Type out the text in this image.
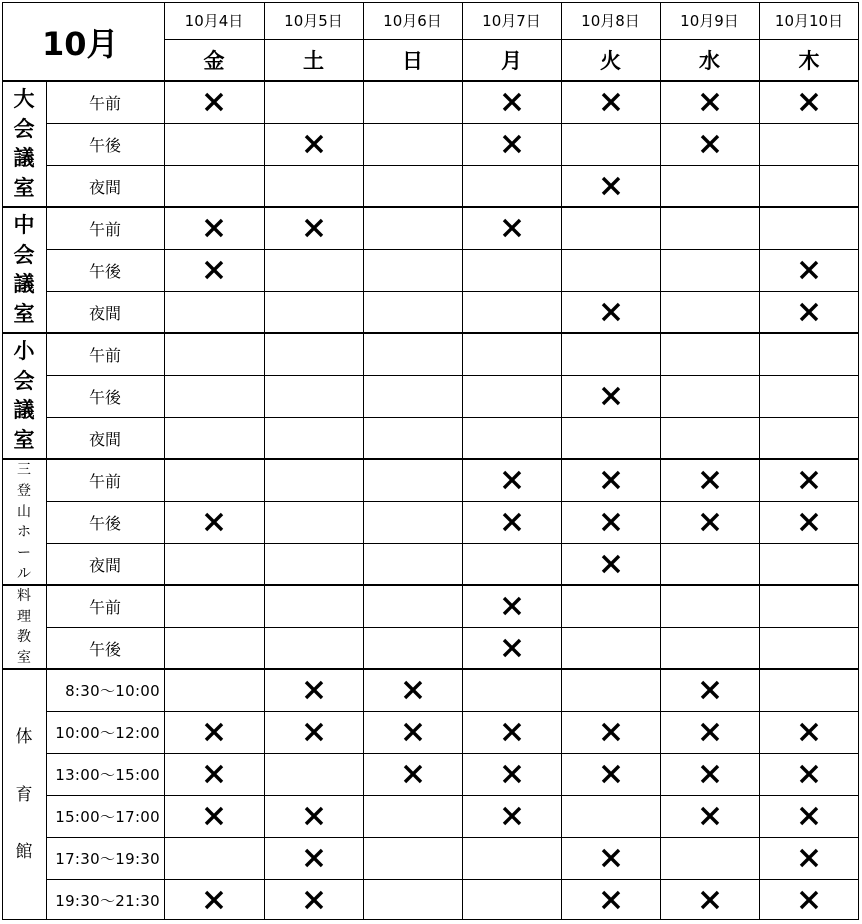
10月
10月4日
金
10月5日
土
10月6日
日
10月7日
月
10月8日
火
10月9日
水
10月10日
木
大
会
議
室
午前
午後
夜間
中
会
議
室
午前
午後
夜間
小
会
議
室
午前
午後
夜間
三
登
山
ホ
ー
ル
午前
午後
夜間
料
理
教
室
午前
午後
体
育
館
8:30～10:00
10:00～12:00
13:00～15:00
15:00～17:00
17:30～19:30
19:30～21:30
